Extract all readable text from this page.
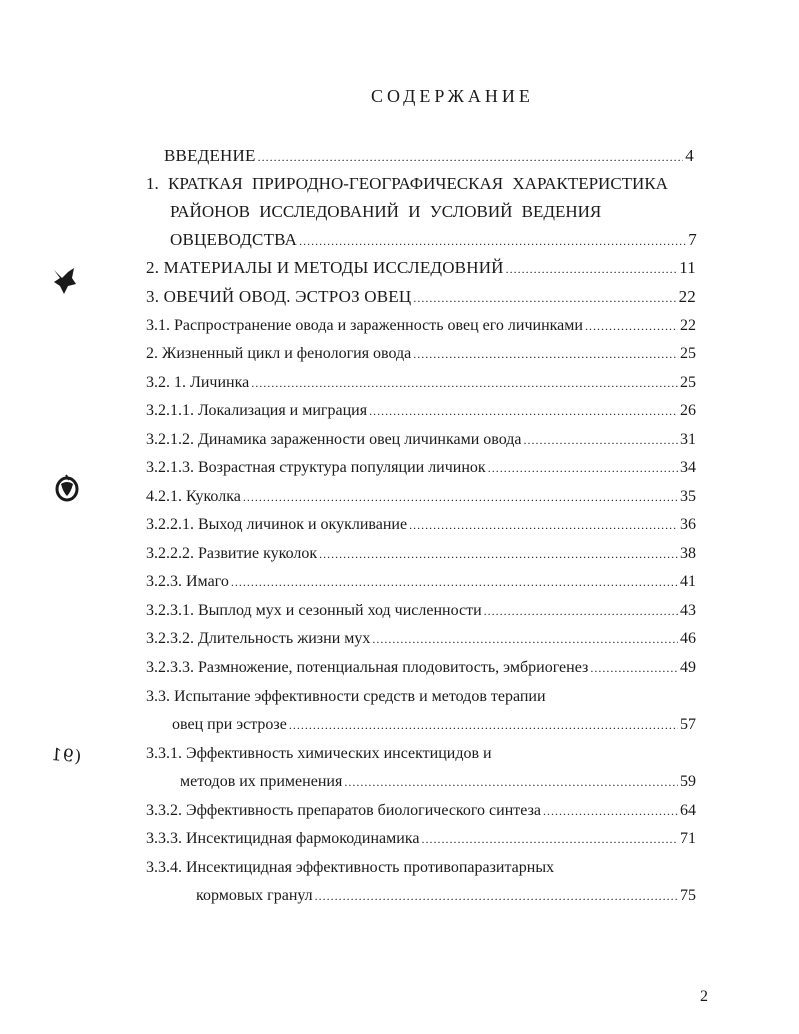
СОДЕРЖАНИЕ
ВВЕДЕНИЕ .....	4
1. КРАТКАЯ ПРИРОДНО-ГЕОГРАФИЧЕСКАЯ ХАРАКТЕРИСТИКА
РАЙОНОВ ИССЛЕДОВАНИЙ И УСЛОВИЙ ВЕДЕНИЯ
ОВЦЕВОДСТВА .....	7
2. МАТЕРИАЛЫ И МЕТОДЫ ИССЛЕДОВНИЙ .....	11
3. ОВЕЧИЙ ОВОД. ЭСТРОЗ ОВЕЦ .....	22
3.1. Распространение овода и зараженность овец его личинками .....	22
2. Жизненный цикл и фенология овода .....	25
3.2. 1. Личинка .....	25
3.2.1.1. Локализация и миграция .....	26
3.2.1.2. Динамика зараженности овец личинками овода .....	31
3.2.1.3. Возрастная структура популяции личинок .....	34
4.2.1. Куколка .....	35
3.2.2.1. Выход личинок и окукливание .....	36
3.2.2.2. Развитие куколок .....	38
3.2.3. Имаго .....	41
3.2.3.1. Выплод мух и сезонный ход численности .....	43
3.2.3.2. Длительность жизни мух .....	46
3.2.3.3. Размножение, потенциальная плодовитость, эмбриогенез .....	49
3.3. Испытание эффективности средств и методов терапии
овец при эстрозе .....	57
3.3.1. Эффективность химических инсектицидов и
методов их применения .....	59
3.3.2. Эффективность препаратов биологического синтеза .....	64
3.3.3. Инсектицидная фармокодинамика .....	71
3.3.4. Инсектицидная эффективность противопаразитарных
кормовых гранул .....	75
(91
2
